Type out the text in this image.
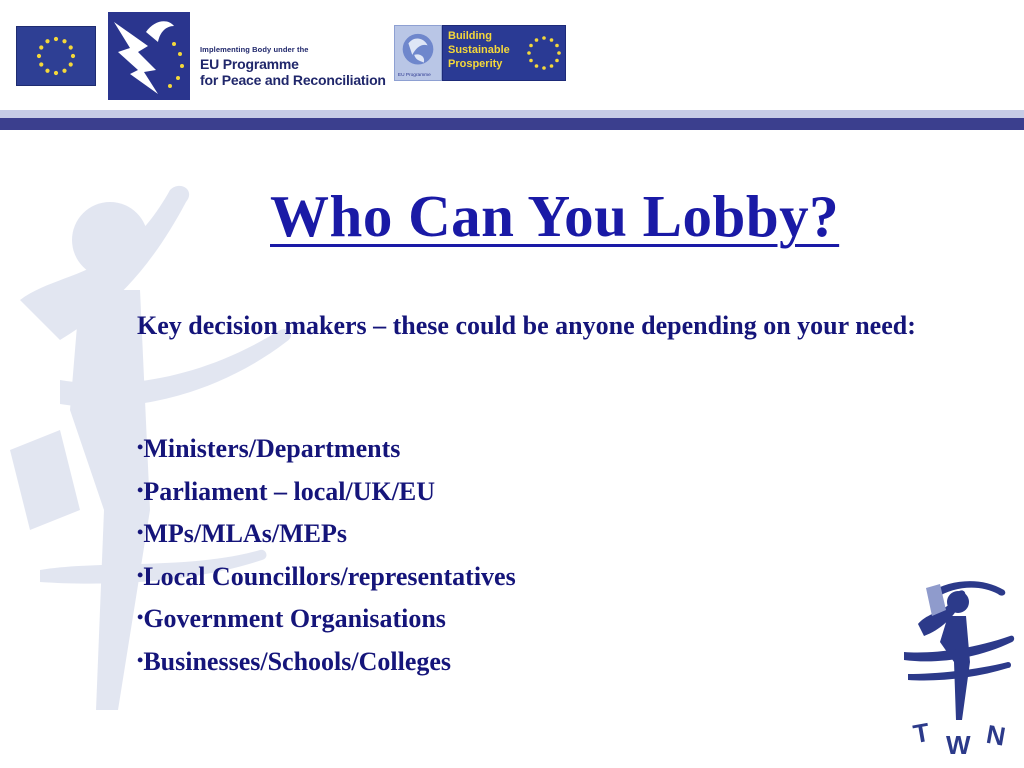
Implementing Body under the
EU Programme
for Peace and Reconciliation EU Programme
Building
Sustainable
Prosperity
Who Can You Lobby?

Key decision makers – these could be anyone depending on your need:

•Ministers/Departments
•Parliament – local/UK/EU
•MPs/MLAs/MEPs
•Local Councillors/representatives
•Government Organisations
•Businesses/Schools/Colleges
T W N
